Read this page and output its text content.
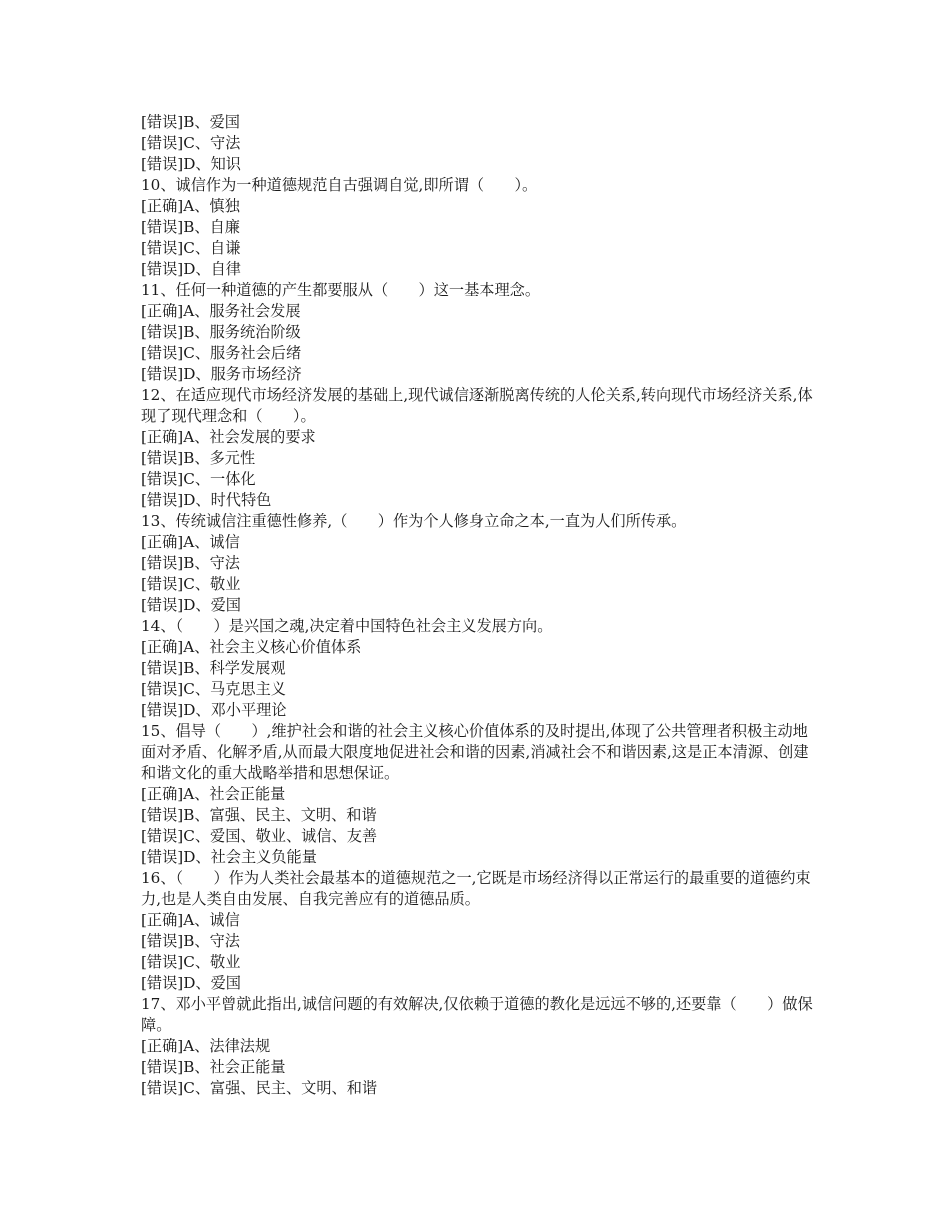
[错误]B、爱国

[错误]C、守法

[错误]D、知识

10、诚信作为一种道德规范自古强调自觉,即所谓（　　）。

[正确]A、慎独

[错误]B、自廉

[错误]C、自谦

[错误]D、自律

11、任何一种道德的产生都要服从（　　）这一基本理念。

[正确]A、服务社会发展

[错误]B、服务统治阶级

[错误]C、服务社会后绪

[错误]D、服务市场经济

12、在适应现代市场经济发展的基础上,现代诚信逐渐脱离传统的人伦关系,转向现代市场经济关系,体现了现代理念和（　　）。

[正确]A、社会发展的要求

[错误]B、多元性

[错误]C、一体化

[错误]D、时代特色

13、传统诚信注重德性修养,（　　）作为个人修身立命之本,一直为人们所传承。

[正确]A、诚信

[错误]B、守法

[错误]C、敬业

[错误]D、爱国

14、（　　）是兴国之魂,决定着中国特色社会主义发展方向。

[正确]A、社会主义核心价值体系

[错误]B、科学发展观

[错误]C、马克思主义

[错误]D、邓小平理论

15、倡导（　　）,维护社会和谐的社会主义核心价值体系的及时提出,体现了公共管理者积极主动地面对矛盾、化解矛盾,从而最大限度地促进社会和谐的因素,消减社会不和谐因素,这是正本清源、创建和谐文化的重大战略举措和思想保证。

[正确]A、社会正能量

[错误]B、富强、民主、文明、和谐

[错误]C、爱国、敬业、诚信、友善

[错误]D、社会主义负能量

16、（　　）作为人类社会最基本的道德规范之一,它既是市场经济得以正常运行的最重要的道德约束力,也是人类自由发展、自我完善应有的道德品质。

[正确]A、诚信

[错误]B、守法

[错误]C、敬业

[错误]D、爱国

17、邓小平曾就此指出,诚信问题的有效解决,仅依赖于道德的教化是远远不够的,还要靠（　　）做保障。

[正确]A、法律法规

[错误]B、社会正能量

[错误]C、富强、民主、文明、和谐
